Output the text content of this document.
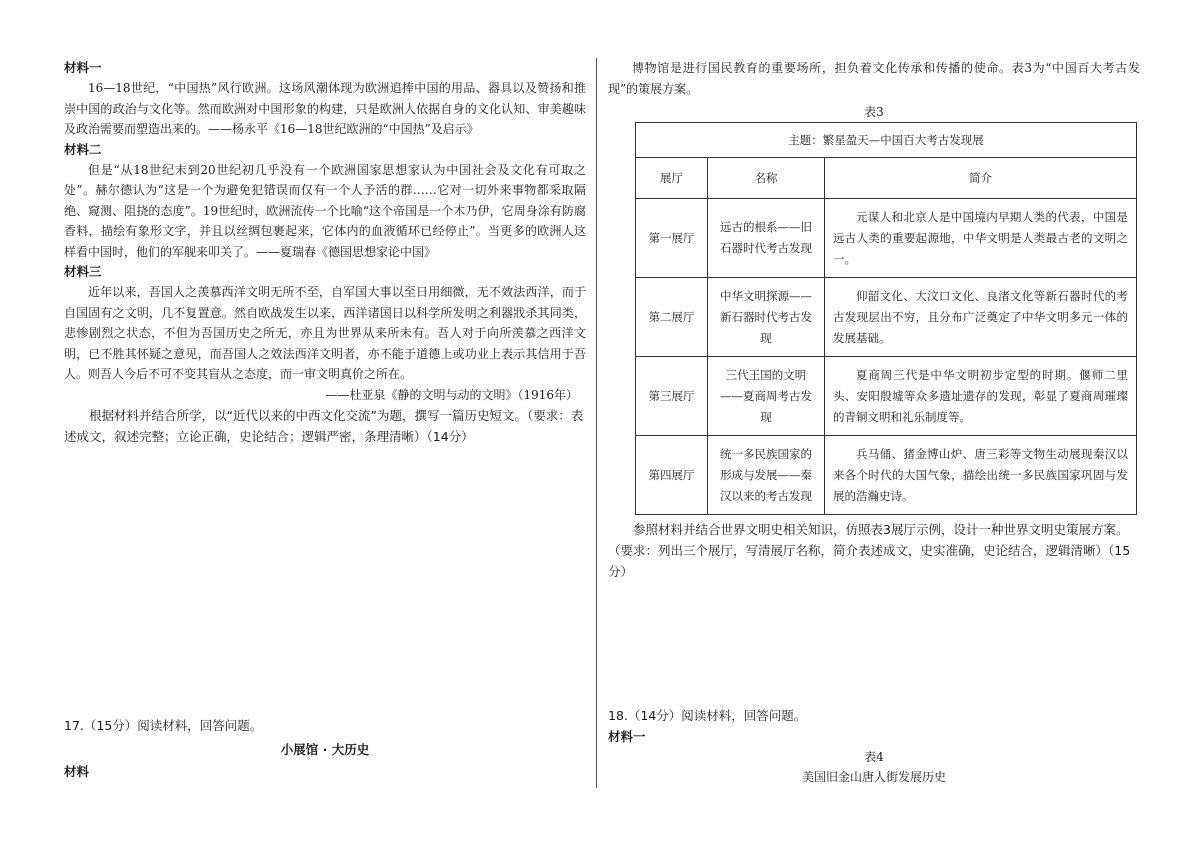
材料一

16—18世纪，“中国热”风行欧洲。这场风潮体现为欧洲追捧中国的用品、器具以及赞扬和推崇中国的政治与文化等。然而欧洲对中国形象的构建，只是欧洲人依据自身的文化认知、审美趣味及政治需要而塑造出来的。——杨永平《16—18世纪欧洲的“中国热”及启示》

材料二

但是“从18世纪末到20世纪初几乎没有一个欧洲国家思想家认为中国社会及文化有可取之处”。赫尔德认为“这是一个为避免犯错误而仅有一个人予活的群……它对一切外来事物都采取隔绝、窥测、阻挠的态度”。19世纪时，欧洲流传一个比喻“这个帝国是一个木乃伊，它周身涂有防腐香料，描绘有象形文字，并且以丝绸包裹起来，它体内的血液循环已经停止”。当更多的欧洲人这样看中国时，他们的军舰来叩关了。——夏瑞春《德国思想家论中国》

材料三

近年以来，吾国人之羡慕西洋文明无所不至，自军国大事以至日用细微，无不效法西洋，而于自国固有之文明，几不复置意。然自欧战发生以来，西洋诸国日以科学所发明之利器戕杀其同类，悲惨剧烈之状态，不但为吾国历史之所无，亦且为世界从来所未有。吾人对于向所羡慕之西洋文明，已不胜其怀疑之意见，而吾国人之效法西洋文明者，亦不能于道德上或功业上表示其信用于吾人。则吾人今后不可不变其盲从之态度，而一审文明真价之所在。

——杜亚泉《静的文明与动的文明》（1916年）

根据材料并结合所学，以“近代以来的中西文化交流”为题，撰写一篇历史短文。（要求：表述成文，叙述完整；立论正确，史论结合；逻辑严密，条理清晰）（14分）

17.（15分）阅读材料，回答问题。
小展馆 · 大历史
材料

博物馆是进行国民教育的重要场所，担负着文化传承和传播的使命。表3为“中国百大考古发现”的策展方案。

表3

主题：繁星盈天—中国百大考古发现展		
展厅	名称	简介
第一展厅	远古的根系——旧石器时代考古发现	元谋人和北京人是中国境内早期人类的代表，中国是远古人类的重要起源地，中华文明是人类最古老的文明之一。
第二展厅	中华文明探源——新石器时代考古发现	仰韶文化、大汶口文化、良渚文化等新石器时代的考古发现层出不穷，且分布广泛奠定了中华文明多元一体的发展基础。
第三展厅	三代王国的文明——夏商周考古发现	夏商周三代是中华文明初步定型的时期。偃师二里头、安阳殷墟等众多遗址遗存的发现，彰显了夏商周璀璨的青铜文明和礼乐制度等。
第四展厅	统一多民族国家的形成与发展——秦汉以来的考古发现	兵马俑、猪金博山炉、唐三彩等文物生动展现秦汉以来各个时代的大国气象，描绘出统一多民族国家巩固与发展的浩瀚史诗。

参照材料并结合世界文明史相关知识，仿照表3展厅示例，设计一种世界文明史策展方案。（要求：列出三个展厅，写清展厅名称，简介表述成文，史实准确，史论结合，逻辑清晰）（15分）

18.（14分）阅读材料，回答问题。
材料一
表4
美国旧金山唐人街发展历史
